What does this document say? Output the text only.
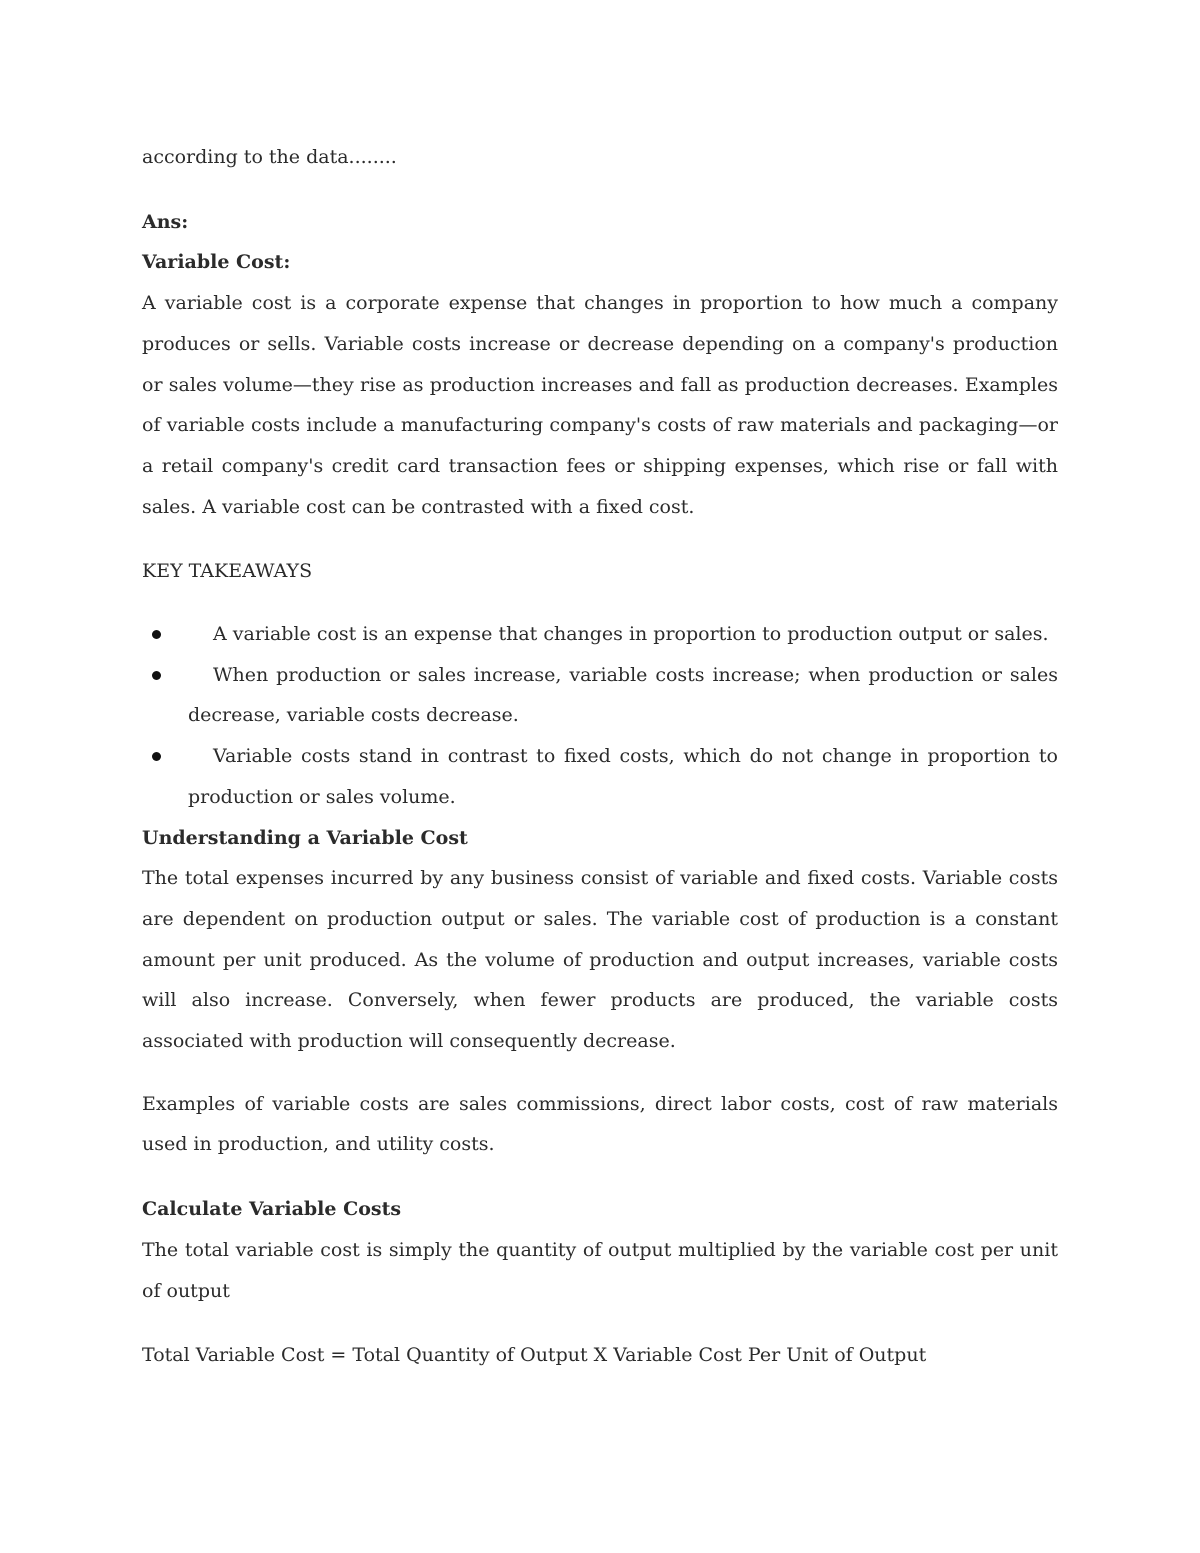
according to the data........

Ans:

Variable Cost:

A variable cost is a corporate expense that changes in proportion to how much a company produces or sells. Variable costs increase or decrease depending on a company's production or sales volume—they rise as production increases and fall as production decreases. Examples of variable costs include a manufacturing company's costs of raw materials and packaging—or a retail company's credit card transaction fees or shipping expenses, which rise or fall with sales. A variable cost can be contrasted with a fixed cost.

KEY TAKEAWAYS

A variable cost is an expense that changes in proportion to production output or sales.
When production or sales increase, variable costs increase; when production or sales decrease, variable costs decrease.
Variable costs stand in contrast to fixed costs, which do not change in proportion to production or sales volume.

Understanding a Variable Cost

The total expenses incurred by any business consist of variable and fixed costs. Variable costs are dependent on production output or sales. The variable cost of production is a constant amount per unit produced. As the volume of production and output increases, variable costs will also increase. Conversely, when fewer products are produced, the variable costs associated with production will consequently decrease.

Examples of variable costs are sales commissions, direct labor costs, cost of raw materials used in production, and utility costs.

Calculate Variable Costs

The total variable cost is simply the quantity of output multiplied by the variable cost per unit of output

Total Variable Cost = Total Quantity of Output X Variable Cost Per Unit of Output
